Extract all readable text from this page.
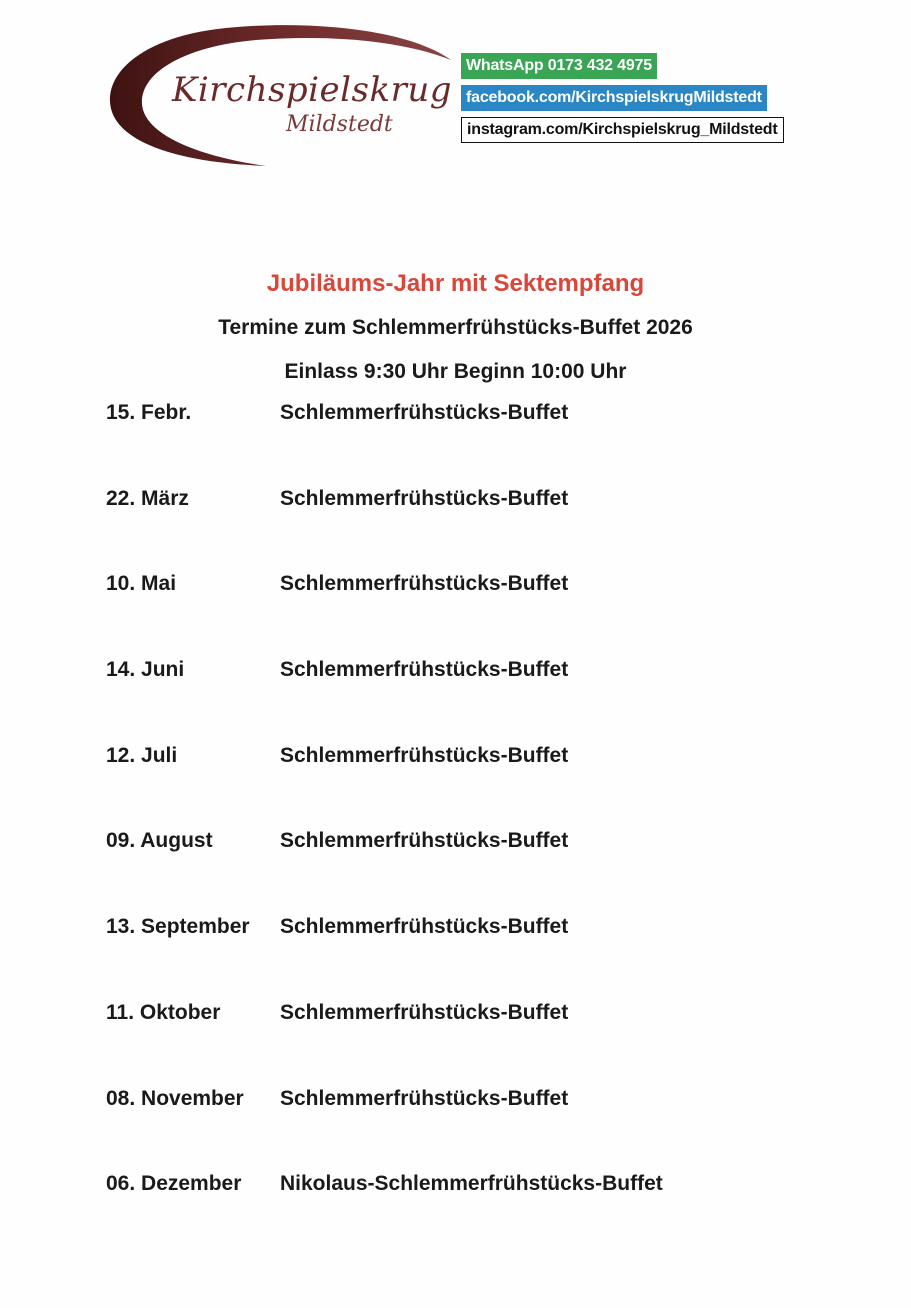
Kirchspielskrug
Mildstedt
WhatsApp 0173 432 4975
facebook.com/KirchspielskrugMildstedt
instagram.com/Kirchspielskrug_Mildstedt
Jubiläums-Jahr mit Sektempfang
Termine zum Schlemmerfrühstücks-Buffet 2026
Einlass 9:30 Uhr Beginn 10:00 Uhr
15. Febr.	Schlemmerfrühstücks-Buffet
22. März	Schlemmerfrühstücks-Buffet
10. Mai	Schlemmerfrühstücks-Buffet
14. Juni	Schlemmerfrühstücks-Buffet
12. Juli	Schlemmerfrühstücks-Buffet
09. August	Schlemmerfrühstücks-Buffet
13. September Schlemmerfrühstücks-Buffet
11. Oktober	Schlemmerfrühstücks-Buffet
08. November Schlemmerfrühstücks-Buffet
06. Dezember Nikolaus-Schlemmerfrühstücks-Buffet
